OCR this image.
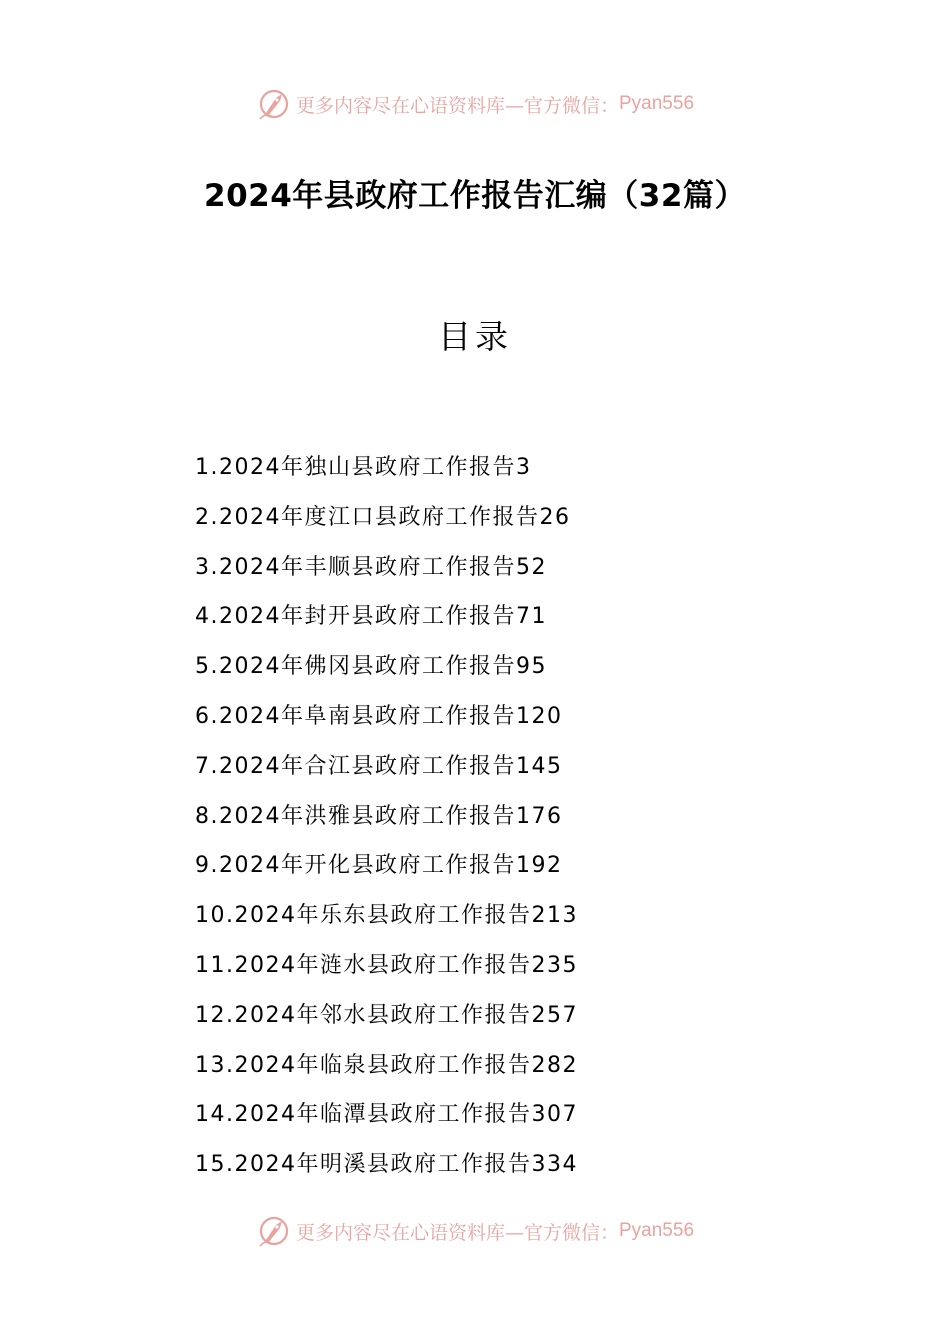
更多内容尽在心语资料库—官方微信： Pyan556
2024年县政府工作报告汇编（32篇）
目录
1.2024年独山县政府工作报告3
2.2024年度江口县政府工作报告26
3.2024年丰顺县政府工作报告52
4.2024年封开县政府工作报告71
5.2024年佛冈县政府工作报告95
6.2024年阜南县政府工作报告120
7.2024年合江县政府工作报告145
8.2024年洪雅县政府工作报告176
9.2024年开化县政府工作报告192
10.2024年乐东县政府工作报告213
11.2024年涟水县政府工作报告235
12.2024年邻水县政府工作报告257
13.2024年临泉县政府工作报告282
14.2024年临潭县政府工作报告307
15.2024年明溪县政府工作报告334
更多内容尽在心语资料库—官方微信： Pyan556
